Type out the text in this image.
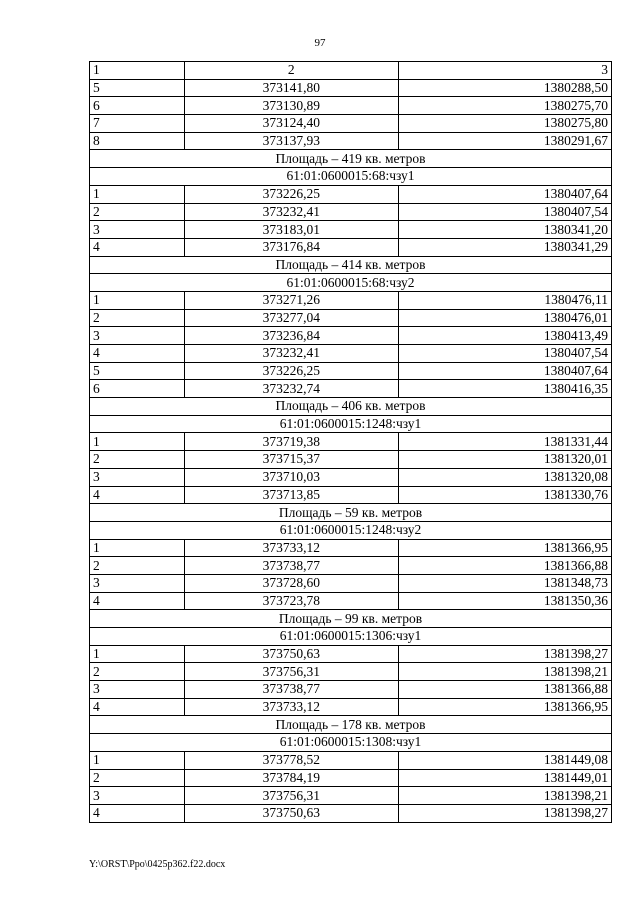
97
1	2	3
5	373141,80	1380288,50
6	373130,89	1380275,70
7	373124,40	1380275,80
8	373137,93	1380291,67
Площадь – 419 кв. метров		
61:01:0600015:68:чзу1		
1	373226,25	1380407,64
2	373232,41	1380407,54
3	373183,01	1380341,20
4	373176,84	1380341,29
Площадь – 414 кв. метров		
61:01:0600015:68:чзу2		
1	373271,26	1380476,11
2	373277,04	1380476,01
3	373236,84	1380413,49
4	373232,41	1380407,54
5	373226,25	1380407,64
6	373232,74	1380416,35
Площадь – 406 кв. метров		
61:01:0600015:1248:чзу1		
1	373719,38	1381331,44
2	373715,37	1381320,01
3	373710,03	1381320,08
4	373713,85	1381330,76
Площадь – 59 кв. метров		
61:01:0600015:1248:чзу2		
1	373733,12	1381366,95
2	373738,77	1381366,88
3	373728,60	1381348,73
4	373723,78	1381350,36
Площадь – 99 кв. метров		
61:01:0600015:1306:чзу1		
1	373750,63	1381398,27
2	373756,31	1381398,21
3	373738,77	1381366,88
4	373733,12	1381366,95
Площадь – 178 кв. метров		
61:01:0600015:1308:чзу1		
1	373778,52	1381449,08
2	373784,19	1381449,01
3	373756,31	1381398,21
4	373750,63	1381398,27
Y:\ORST\Ppo\0425p362.f22.docx
